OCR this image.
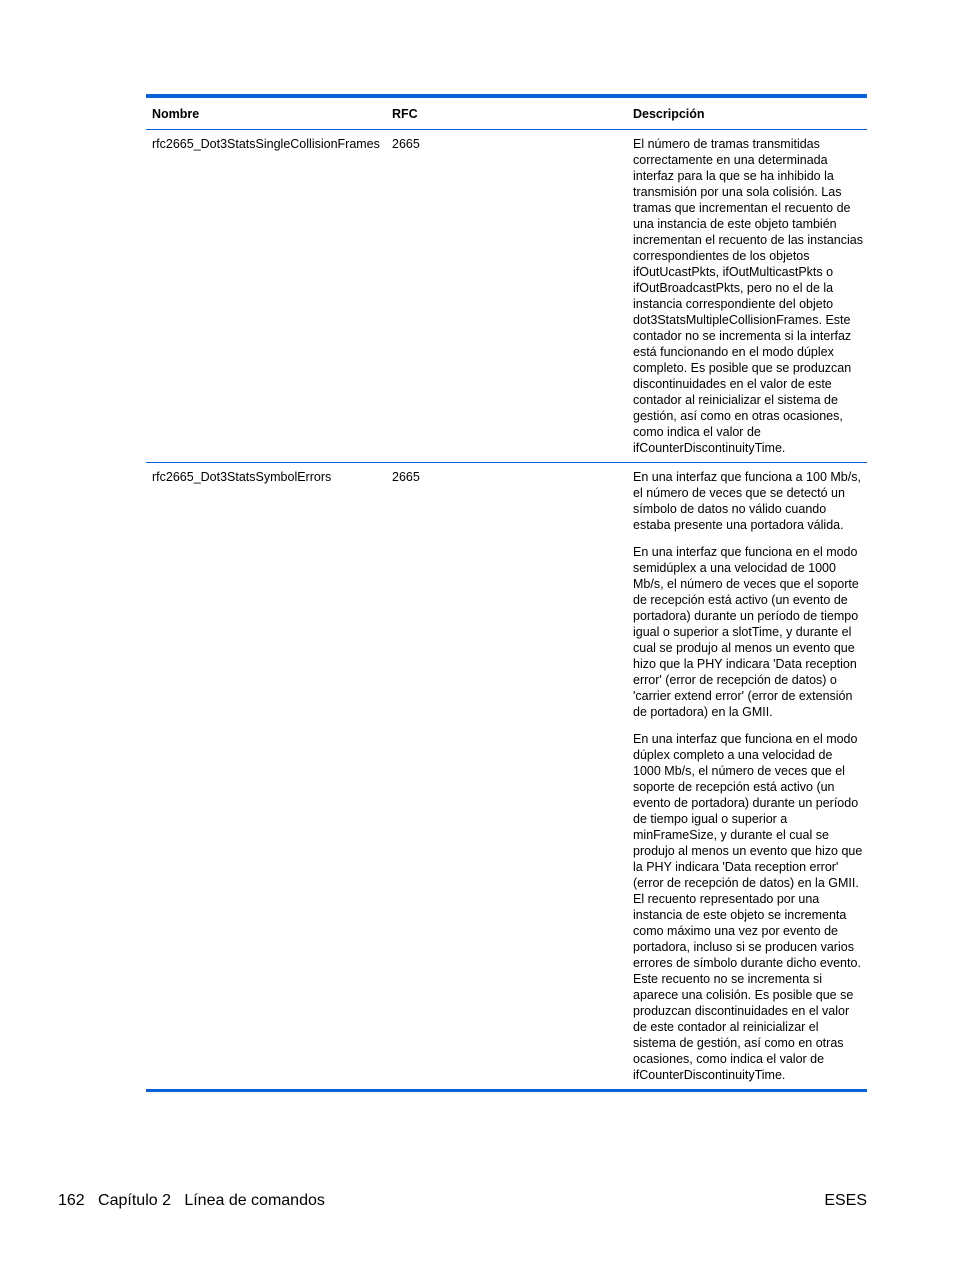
Nombre	RFC	Descripción
rfc2665_Dot3StatsSingleCollisionFrames 2665	El número de tramas transmitidas correctamente en una determinada interfaz para la que se ha inhibido la transmisión por una sola colisión. Las tramas que incrementan el recuento de una instancia de este objeto también incrementan el recuento de las instancias correspondientes de los objetos ifOutUcastPkts, ifOutMulticastPkts o ifOutBroadcastPkts, pero no el de la instancia correspondiente del objeto dot3StatsMultipleCollisionFrames. Este contador no se incrementa si la interfaz está funcionando en el modo dúplex completo. Es posible que se produzcan discontinuidades en el valor de este contador al reinicializar el sistema de gestión, así como en otras ocasiones, como indica el valor de ifCounterDiscontinuityTime.
rfc2665_Dot3StatsSymbolErrors	2665	En una interfaz que funciona a 100 Mb/s, el número de veces que se detectó un símbolo de datos no válido cuando estaba presente una portadora válida.
En una interfaz que funciona en el modo semidúplex a una velocidad de 1000 Mb/s, el número de veces que el soporte de recepción está activo (un evento de portadora) durante un período de tiempo igual o superior a slotTime, y durante el cual se produjo al menos un evento que hizo que la PHY indicara 'Data reception error' (error de recepción de datos) o 'carrier extend error' (error de extensión de portadora) en la GMII.
En una interfaz que funciona en el modo dúplex completo a una velocidad de 1000 Mb/s, el número de veces que el soporte de recepción está activo (un evento de portadora) durante un período de tiempo igual o superior a minFrameSize, y durante el cual se produjo al menos un evento que hizo que la PHY indicara 'Data reception error' (error de recepción de datos) en la GMII. El recuento representado por una instancia de este objeto se incrementa como máximo una vez por evento de portadora, incluso si se producen varios errores de símbolo durante dicho evento. Este recuento no se incrementa si aparece una colisión. Es posible que se produzcan discontinuidades en el valor de este contador al reinicializar el sistema de gestión, así como en otras ocasiones, como indica el valor de ifCounterDiscontinuityTime.
162 Capítulo 2 Línea de comandos	ESES
